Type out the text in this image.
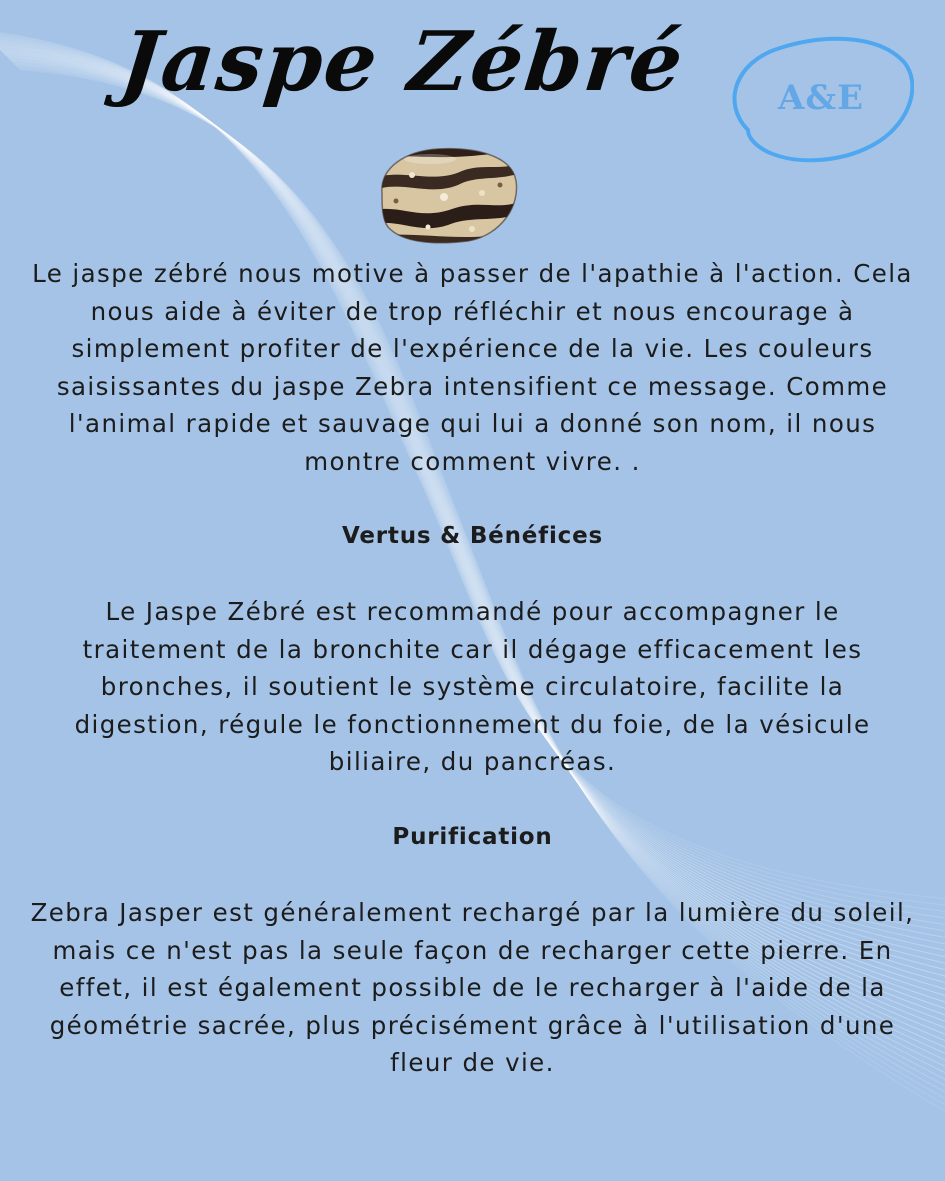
Jaspe Zébré	A&E

Le jaspe zébré nous motive à passer de l'apathie à l'action. Cela nous aide à éviter de trop réfléchir et nous encourage à simplement profiter de l'expérience de la vie. Les couleurs saisissantes du jaspe Zebra intensifient ce message. Comme l'animal rapide et sauvage qui lui a donné son nom, il nous montre comment vivre. .

Vertus & Bénéfices

Le Jaspe Zébré est recommandé pour accompagner le traitement de la bronchite car il dégage efficacement les bronches, il soutient le système circulatoire, facilite la digestion, régule le fonctionnement du foie, de la vésicule biliaire, du pancréas.

Purification

Zebra Jasper est généralement rechargé par la lumière du soleil, mais ce n'est pas la seule façon de recharger cette pierre. En effet, il est également possible de le recharger à l'aide de la géométrie sacrée, plus précisément grâce à l'utilisation d'une fleur de vie.
